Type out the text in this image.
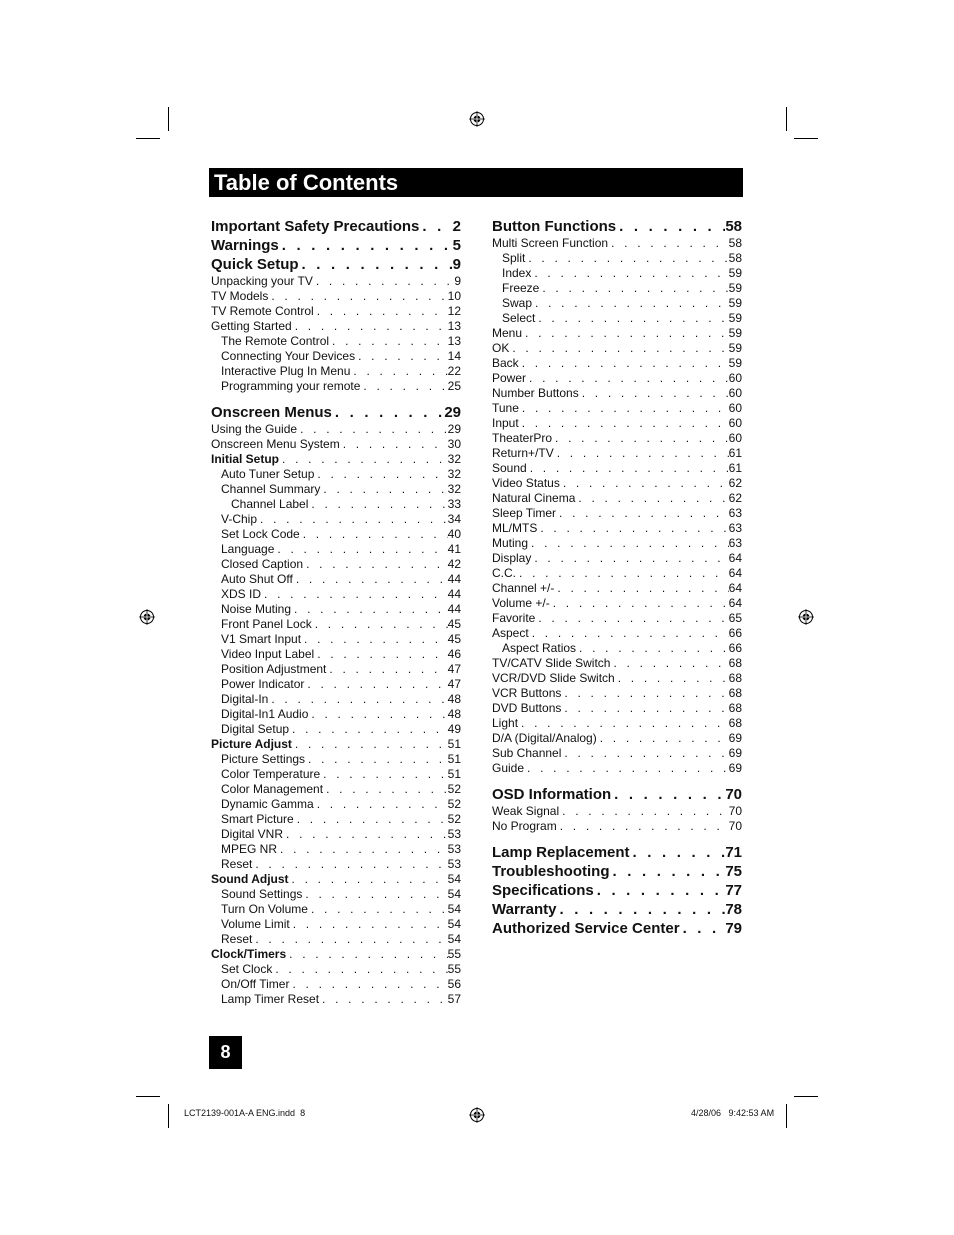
Table of Contents
Important Safety Precautions . . . 2
Warnings . . .	5
Quick Setup . . .	9
Unpacking your TV . . .	9
TV Models . . .	10
TV Remote Control . . .	12
Getting Started . . .	13
The Remote Control . . .	13
Connecting Your Devices . . .	14
Interactive Plug In Menu . . .	22
Programming your remote . . .	25
Onscreen Menus . . .	29
Using the Guide . . .	29
Onscreen Menu System . . .	30
Initial Setup . . .	32
Auto Tuner Setup . . .	32
Channel Summary . . .	32
Channel Label . . .	33
V-Chip . . .	34
Set Lock Code . . .	40
Language . . .	41
Closed Caption . . .	42
Auto Shut Off . . .	44
XDS ID . . .	44
Noise Muting . . .	44
Front Panel Lock . . .	45
V1 Smart Input . . .	45
Video Input Label . . .	46
Position Adjustment . . .	47
Power Indicator . . .	47
Digital-In . . .	48
Digital-In1 Audio . . .	48
Digital Setup . . .	49
Picture Adjust . . .	51
Picture Settings . . .	51
Color Temperature . . .	51
Color Management . . .	52
Dynamic Gamma . . .	52
Smart Picture . . .	52
Digital VNR . . .	53
MPEG NR . . .	53
Reset . . .	53
Sound Adjust . . .	54
Sound Settings . . .	54
Turn On Volume . . .	54
Volume Limit . . .	54
Reset . . .	54
Clock/Timers . . .	55
Set Clock . . .	55
On/Off Timer . . .	56
Lamp Timer Reset . . .	57
Button Functions . . .	58
Multi Screen Function . . .	58
Split . . .	58
Index . . .	59
Freeze . . .	59
Swap . . .	59
Select . . .	59
Menu . . .	59
OK . . .	59
Back . . .	59
Power . . .	60
Number Buttons . . .	60
Tune . . .	60
Input . . .	60
TheaterPro . . .	60
Return+/TV . . .	61
Sound . . .	61
Video Status . . .	62
Natural Cinema . . .	62
Sleep Timer . . .	63
ML/MTS . . .	63
Muting . . .	63
Display . . .	64
C.C. . . .	64
Channel +/- . . .	64
Volume +/- . . .	64
Favorite . . .	65
Aspect . . .	66
Aspect Ratios . . .	66
TV/CATV Slide Switch . . .	68
VCR/DVD Slide Switch . . .	68
VCR Buttons . . .	68
DVD Buttons . . .	68
Light . . .	68
D/A (Digital/Analog) . . .	69
Sub Channel . . .	69
Guide . . .	69
OSD Information . . .	70
Weak Signal . . .	70
No Program . . .	70
Lamp Replacement . . .	71
Troubleshooting . . .	75
Specifications . . .	77
Warranty . . .	78
Authorized Service Center . . .	79
8
LCT2139-001A-A ENG.indd 8	4/28/06   9:42:53 AM
